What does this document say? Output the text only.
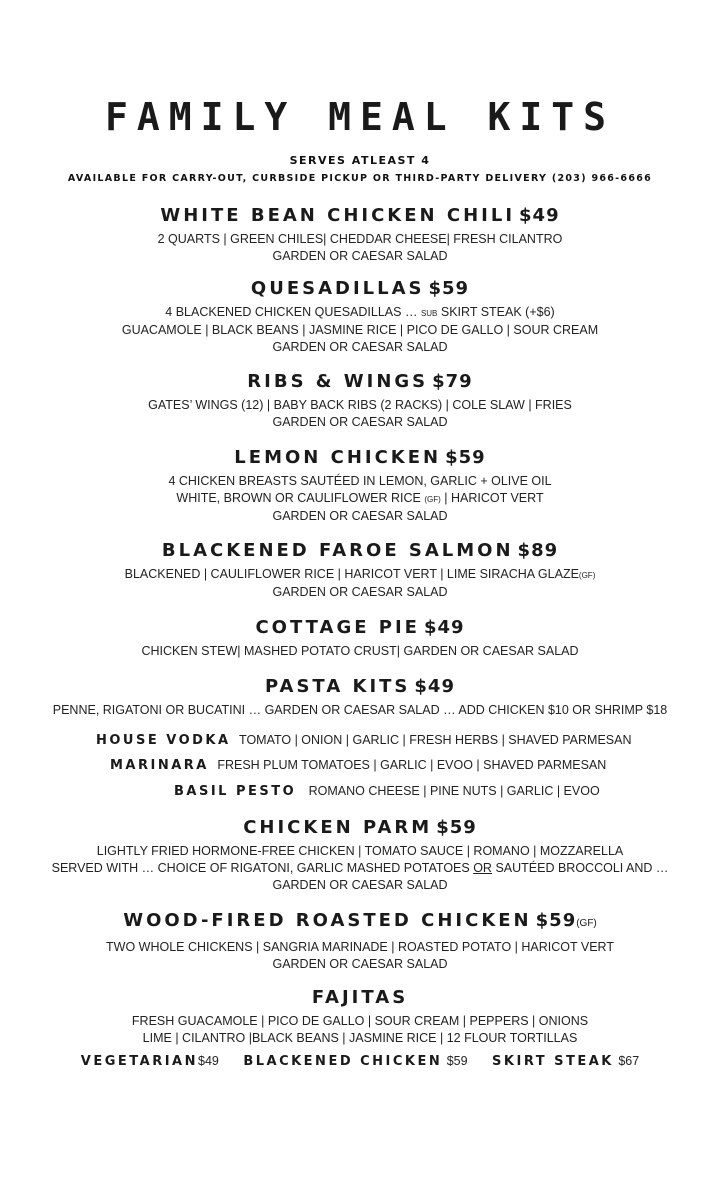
FAMILY MEAL KITS
SERVES ATLEAST 4
AVAILABLE FOR CARRY-OUT, CURBSIDE PICKUP OR THIRD-PARTY DELIVERY (203) 966-6666
WHITE BEAN CHICKEN CHILI $49
2 QUARTS | GREEN CHILES| CHEDDAR CHEESE| FRESH CILANTRO
GARDEN OR CAESAR SALAD
QUESADILLAS $59
4 BLACKENED CHICKEN QUESADILLAS … SUB SKIRT STEAK (+$6)
GUACAMOLE | BLACK BEANS | JASMINE RICE | PICO DE GALLO | SOUR CREAM
GARDEN OR CAESAR SALAD
RIBS & WINGS $79
GATES’ WINGS (12) | BABY BACK RIBS (2 RACKS) | COLE SLAW | FRIES
GARDEN OR CAESAR SALAD
LEMON CHICKEN $59
4 CHICKEN BREASTS SAUTÉED IN LEMON, GARLIC + OLIVE OIL
WHITE, BROWN OR CAULIFLOWER RICE (GF) | HARICOT VERT
GARDEN OR CAESAR SALAD
BLACKENED FAROE SALMON $89
BLACKENED | CAULIFLOWER RICE | HARICOT VERT | LIME SIRACHA GLAZE(GF)
GARDEN OR CAESAR SALAD
COTTAGE PIE $49
CHICKEN STEW| MASHED POTATO CRUST| GARDEN OR CAESAR SALAD
PASTA KITS $49
PENNE, RIGATONI OR BUCATINI … GARDEN OR CAESAR SALAD … ADD CHICKEN $10 OR SHRIMP $18
HOUSE VODKA TOMATO | ONION | GARLIC | FRESH HERBS | SHAVED PARMESAN
MARINARA FRESH PLUM TOMATOES | GARLIC | EVOO | SHAVED PARMESAN
BASIL PESTO ROMANO CHEESE | PINE NUTS | GARLIC | EVOO
CHICKEN PARM $59
LIGHTLY FRIED HORMONE-FREE CHICKEN | TOMATO SAUCE | ROMANO | MOZZARELLA
SERVED WITH … CHOICE OF RIGATONI, GARLIC MASHED POTATOES OR SAUTÉED BROCCOLI AND …
GARDEN OR CAESAR SALAD
WOOD-FIRED ROASTED CHICKEN $59(GF)
TWO WHOLE CHICKENS | SANGRIA MARINADE | ROASTED POTATO | HARICOT VERT
GARDEN OR CAESAR SALAD
FAJITAS
FRESH GUACAMOLE | PICO DE GALLO | SOUR CREAM | PEPPERS | ONIONS
LIME | CILANTRO |BLACK BEANS | JASMINE RICE | 12 FLOUR TORTILLAS
VEGETARIAN$49 BLACKENED CHICKEN $59 SKIRT STEAK $67
